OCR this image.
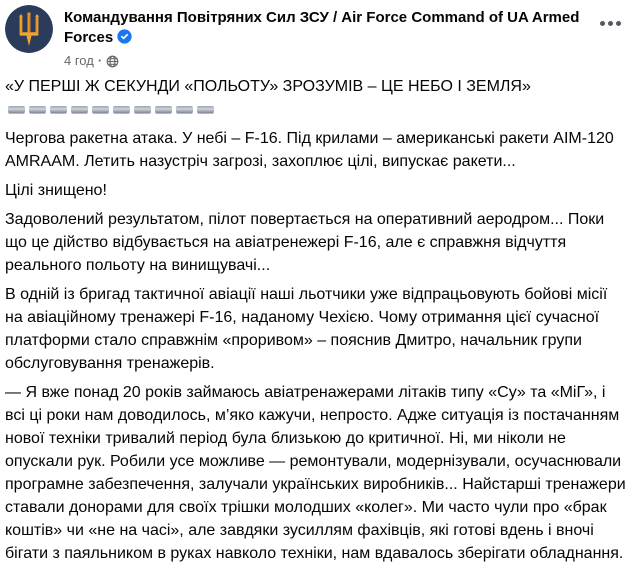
Командування Повітряних Сил ЗСУ / Air Force Command of UA Armed Forces
4 год ·

«У ПЕРШІ Ж СЕКУНДИ «ПОЛЬОТУ» ЗРОЗУМІВ – ЦЕ НЕБО І ЗЕМЛЯ»

Чергова ракетна атака. У небі – F-16. Під крилами – американські ракети AIM-120 AMRAAM. Летить назустріч загрозі, захоплює цілі, випускає ракети...

Цілі знищено!

Задоволений результатом, пілот повертається на оперативний аеродром... Поки що це дійство відбувається на авіатренежері F-16, але є справжня відчуття реального польоту на винищувачі...

В одній із бригад тактичної авіації наші льотчики уже відпрацьовують бойові місії на авіаційному тренажері F-16, наданому Чехією. Чому отримання цієї сучасної платформи стало справжнім «проривом» – пояснив Дмитро, начальник групи обслуговування тренажерів.

— Я вже понад 20 років займаюсь авіатренажерами літаків типу «Су» та «МіГ», і всі ці роки нам доводилось, м’яко кажучи, непросто. Адже ситуація із постачанням нової техніки тривалий період була близькою до критичної. Ні, ми ніколи не опускали рук. Робили усе можливе — ремонтували, модернізували, осучаснювали програмне забезпечення, залучали українських виробників... Найстарші тренажери ставали донорами для своїх трішки молодших «колег». Ми часто чули про «брак коштів» чи «не на часі», але завдяки зусиллям фахівців, які готові вдень і вночі бігати з паяльником в руках навколо техніки, нам вдавалось зберігати обладнання.
